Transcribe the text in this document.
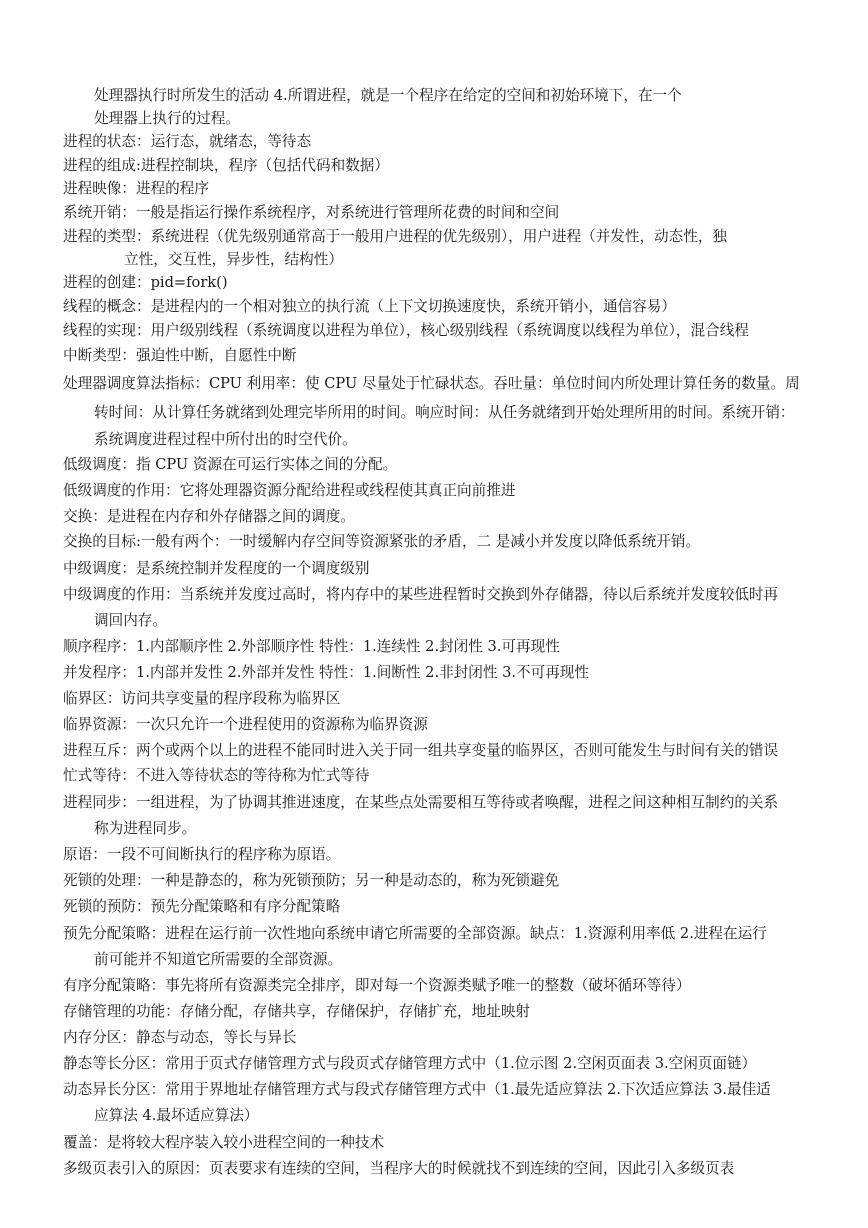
处理器执行时所发生的活动 4.所谓进程，就是一个程序在给定的空间和初始环境下，在一个
处理器上执行的过程。
进程的状态：运行态，就绪态，等待态
进程的组成:进程控制块，程序（包括代码和数据）
进程映像：进程的程序
系统开销：一般是指运行操作系统程序，对系统进行管理所花费的时间和空间
进程的类型：系统进程（优先级别通常高于一般用户进程的优先级别），用户进程（并发性，动态性，独
立性，交互性，异步性，结构性）
进程的创建：pid=fork()
线程的概念：是进程内的一个相对独立的执行流（上下文切换速度快，系统开销小，通信容易）
线程的实现：用户级别线程（系统调度以进程为单位），核心级别线程（系统调度以线程为单位），混合线程
中断类型：强迫性中断，自愿性中断
处理器调度算法指标：CPU 利用率：使 CPU 尽量处于忙碌状态。吞吐量：单位时间内所处理计算任务的数量。周
转时间：从计算任务就绪到处理完毕所用的时间。响应时间：从任务就绪到开始处理所用的时间。系统开销：
系统调度进程过程中所付出的时空代价。
低级调度：指 CPU 资源在可运行实体之间的分配。
低级调度的作用：它将处理器资源分配给进程或线程使其真正向前推进
交换：是进程在内存和外存储器之间的调度。
交换的目标:一般有两个：一时缓解内存空间等资源紧张的矛盾，二 是减小并发度以降低系统开销。
中级调度：是系统控制并发程度的一个调度级别
中级调度的作用：当系统并发度过高时，将内存中的某些进程暂时交换到外存储器，待以后系统并发度较低时再
调回内存。
顺序程序：1.内部顺序性 2.外部顺序性 特性：1.连续性 2.封闭性 3.可再现性
并发程序：1.内部并发性 2.外部并发性 特性：1.间断性 2.非封闭性 3.不可再现性
临界区：访问共享变量的程序段称为临界区
临界资源：一次只允许一个进程使用的资源称为临界资源
进程互斥：两个或两个以上的进程不能同时进入关于同一组共享变量的临界区，否则可能发生与时间有关的错误
忙式等待：不进入等待状态的等待称为忙式等待
进程同步：一组进程，为了协调其推进速度，在某些点处需要相互等待或者唤醒，进程之间这种相互制约的关系
称为进程同步。
原语：一段不可间断执行的程序称为原语。
死锁的处理：一种是静态的，称为死锁预防；另一种是动态的，称为死锁避免
死锁的预防：预先分配策略和有序分配策略
预先分配策略：进程在运行前一次性地向系统申请它所需要的全部资源。缺点：1.资源利用率低 2.进程在运行
前可能并不知道它所需要的全部资源。
有序分配策略：事先将所有资源类完全排序，即对每一个资源类赋予唯一的整数（破坏循环等待）
存储管理的功能：存储分配，存储共享，存储保护，存储扩充，地址映射
内存分区：静态与动态，等长与异长
静态等长分区：常用于页式存储管理方式与段页式存储管理方式中（1.位示图 2.空闲页面表 3.空闲页面链）
动态异长分区：常用于界地址存储管理方式与段式存储管理方式中（1.最先适应算法 2.下次适应算法 3.最佳适
应算法 4.最坏适应算法）
覆盖：是将较大程序装入较小进程空间的一种技术
多级页表引入的原因：页表要求有连续的空间，当程序大的时候就找不到连续的空间，因此引入多级页表
